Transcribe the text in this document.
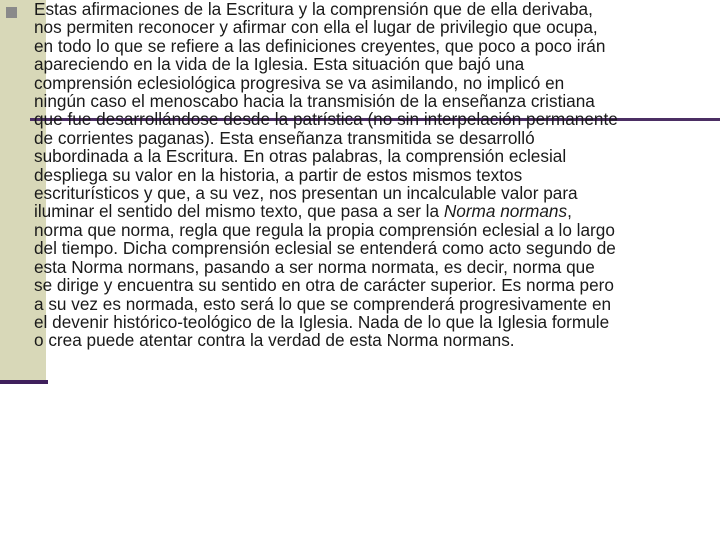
Estas afirmaciones de la Escritura y la comprensión que de ella derivaba,
nos permiten reconocer y afirmar con ella el lugar de privilegio que ocupa,
en todo lo que se refiere a las definiciones creyentes, que poco a poco irán
apareciendo en la vida de la Iglesia. Esta situación que bajó una
comprensión eclesiológica progresiva se va asimilando, no implicó en
ningún caso el menoscabo hacia la transmisión de la enseñanza cristiana
que fue desarrollándose desde la patrística (no sin interpelación permanente
de corrientes paganas). Esta enseñanza transmitida se desarrolló
subordinada a la Escritura. En otras palabras, la comprensión eclesial
despliega su valor en la historia, a partir de estos mismos textos
escriturísticos y que, a su vez, nos presentan un incalculable valor para
iluminar el sentido del mismo texto, que pasa a ser la Norma normans,
norma que norma, regla que regula la propia comprensión eclesial a lo largo
del tiempo. Dicha comprensión eclesial se entenderá como acto segundo de
esta Norma normans, pasando a ser norma normata, es decir, norma que
se dirige y encuentra su sentido en otra de carácter superior. Es norma pero
a su vez es normada, esto será lo que se comprenderá progresivamente en
el devenir histórico-teológico de la Iglesia. Nada de lo que la Iglesia formule
o crea puede atentar contra la verdad de esta Norma normans.
